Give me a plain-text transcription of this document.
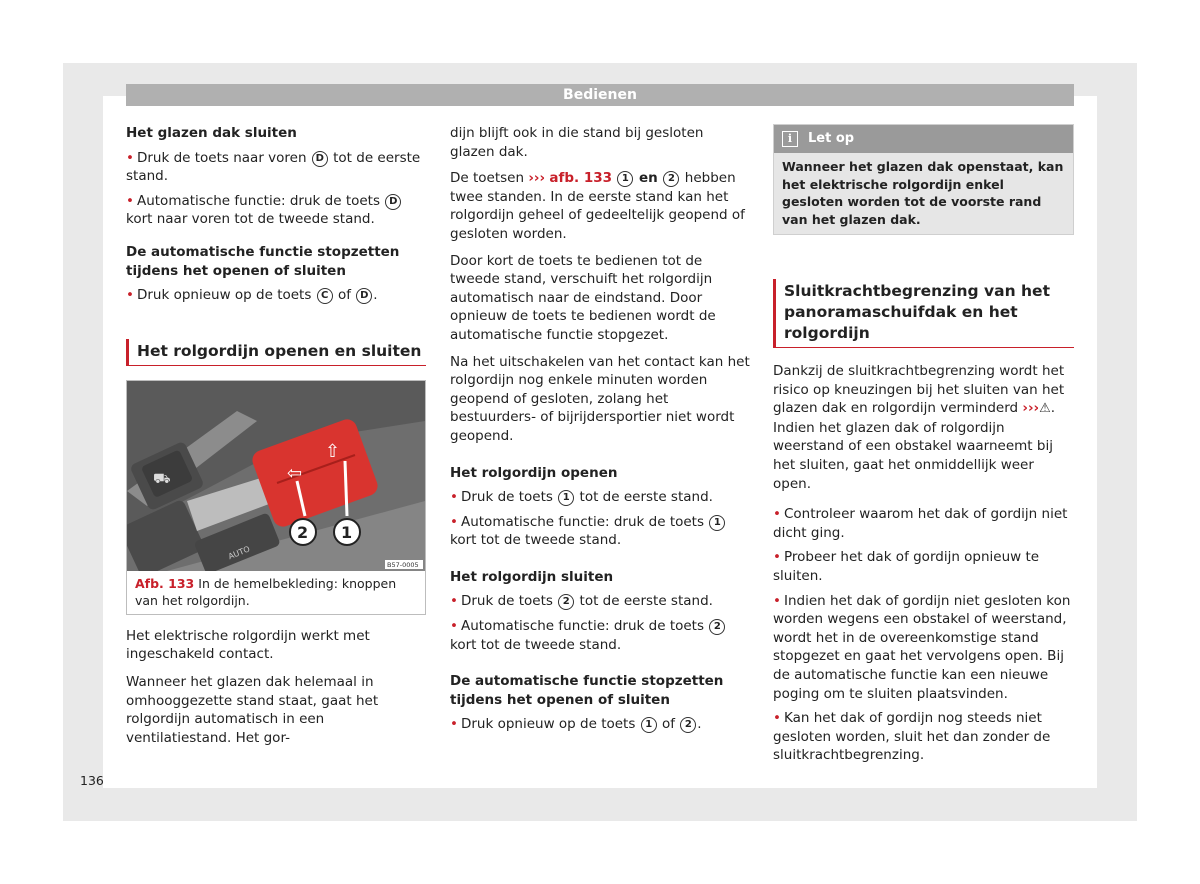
Bedienen
Het glazen dak sluiten

• Druk de toets naar voren D tot de eerste stand.

• Automatische functie: druk de toets D kort naar voren tot de tweede stand.

De automatische functie stopzetten tijdens het openen of sluiten

• Druk opnieuw op de toets C of D .

Het rolgordijn openen en sluiten
⛟
AUTO
⇦
⇧
2 1
B57-0005
Afb. 133 In de hemelbekleding: knoppen van het rolgordijn.

Het elektrische rolgordijn werkt met ingeschakeld contact.

Wanneer het glazen dak helemaal in omhooggezette stand staat, gaat het rolgordijn automatisch in een ventilatiestand. Het gor-

dijn blijft ook in die stand bij gesloten glazen dak.

De toetsen ››› afb. 133 1 en 2 hebben twee standen. In de eerste stand kan het rolgordijn geheel of gedeeltelijk geopend of gesloten worden.

Door kort de toets te bedienen tot de tweede stand, verschuift het rolgordijn automatisch naar de eindstand. Door opnieuw de toets te bedienen wordt de automatische functie stopgezet.

Na het uitschakelen van het contact kan het rolgordijn nog enkele minuten worden geopend of gesloten, zolang het bestuurders- of bijrijdersportier niet wordt geopend.

Het rolgordijn openen

• Druk de toets 1 tot de eerste stand.

• Automatische functie: druk de toets 1 kort tot de tweede stand.

Het rolgordijn sluiten

• Druk de toets 2 tot de eerste stand.

• Automatische functie: druk de toets 2 kort tot de tweede stand.

De automatische functie stopzetten tijdens het openen of sluiten

• Druk opnieuw op de toets 1 of 2 .

i Let op
Wanneer het glazen dak openstaat, kan het elektrische rolgordijn enkel gesloten worden tot de voorste rand van het glazen dak.
Sluitkrachtbegrenzing van het panoramaschuifdak en het rolgordijn

Dankzij de sluitkrachtbegrenzing wordt het risico op kneuzingen bij het sluiten van het glazen dak en rolgordijn verminderd ›››⚠. Indien het glazen dak of rolgordijn weerstand of een obstakel waarneemt bij het sluiten, gaat het onmiddellijk weer open.

• Controleer waarom het dak of gordijn niet dicht ging.

• Probeer het dak of gordijn opnieuw te sluiten.

• Indien het dak of gordijn niet gesloten kon worden wegens een obstakel of weerstand, wordt het in de overeenkomstige stand stopgezet en gaat het vervolgens open. Bij de automatische functie kan een nieuwe poging om te sluiten plaatsvinden.

• Kan het dak of gordijn nog steeds niet gesloten worden, sluit het dan zonder de sluitkrachtbegrenzing.

136
